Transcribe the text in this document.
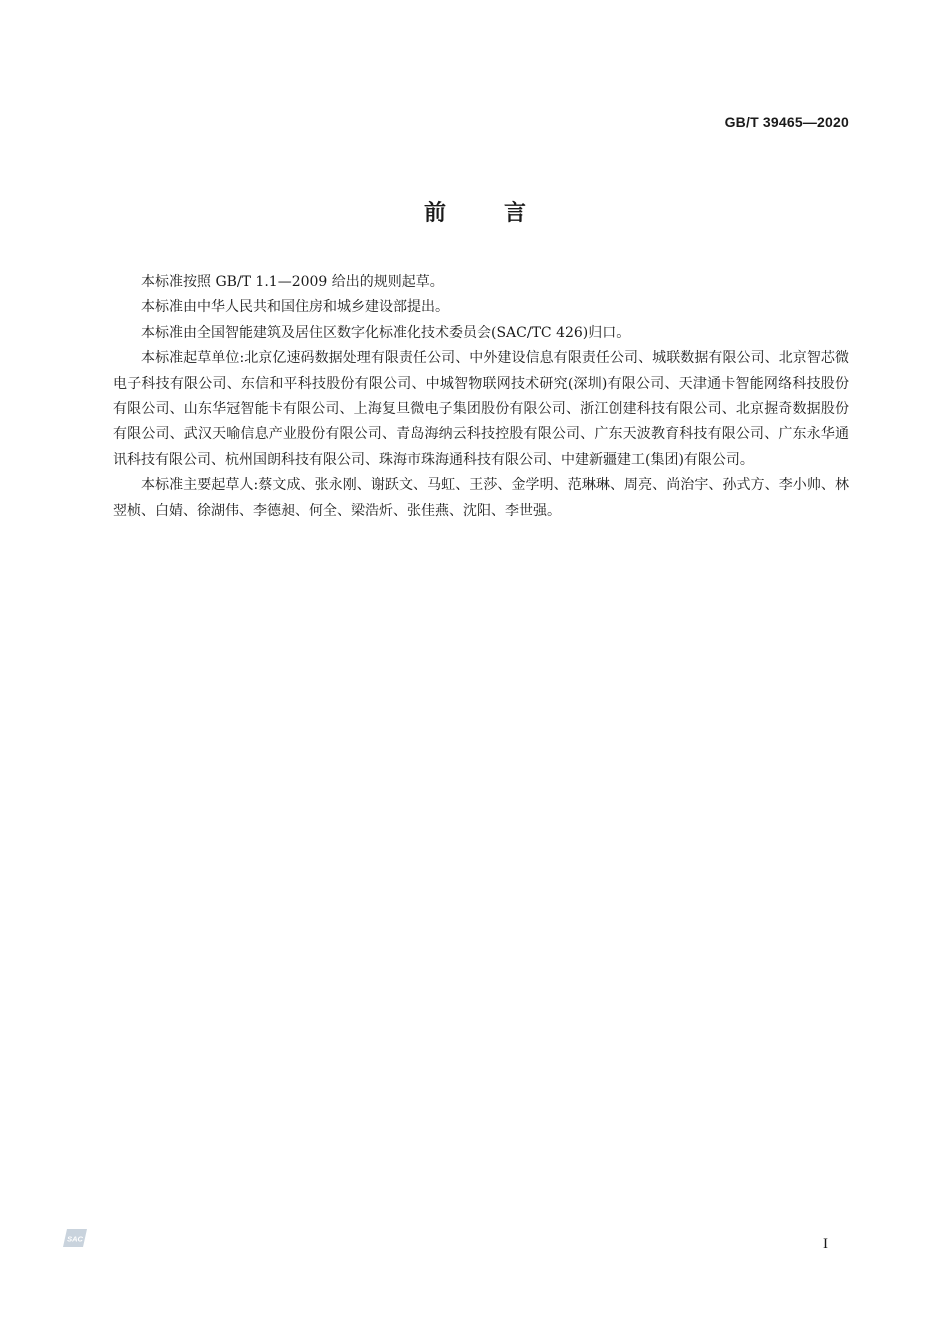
GB/T 39465—2020
前	言

本标准按照 GB/T 1.1—2009 给出的规则起草。

本标准由中华人民共和国住房和城乡建设部提出。

本标准由全国智能建筑及居住区数字化标准化技术委员会(SAC/TC 426)归口。

本标准起草单位:北京亿速码数据处理有限责任公司、中外建设信息有限责任公司、城联数据有限公司、北京智芯微电子科技有限公司、东信和平科技股份有限公司、中城智物联网技术研究(深圳)有限公司、天津通卡智能网络科技股份有限公司、山东华冠智能卡有限公司、上海复旦微电子集团股份有限公司、浙江创建科技有限公司、北京握奇数据股份有限公司、武汉天喻信息产业股份有限公司、青岛海纳云科技控股有限公司、广东天波教育科技有限公司、广东永华通讯科技有限公司、杭州国朗科技有限公司、珠海市珠海通科技有限公司、中建新疆建工(集团)有限公司。

本标准主要起草人:蔡文成、张永刚、谢跃文、马虹、王莎、金学明、范琳琳、周亮、尚治宇、孙式方、李小帅、林翌桢、白婧、徐湖伟、李德昶、何全、梁浩炘、张佳燕、沈阳、李世强。

SAC	I
